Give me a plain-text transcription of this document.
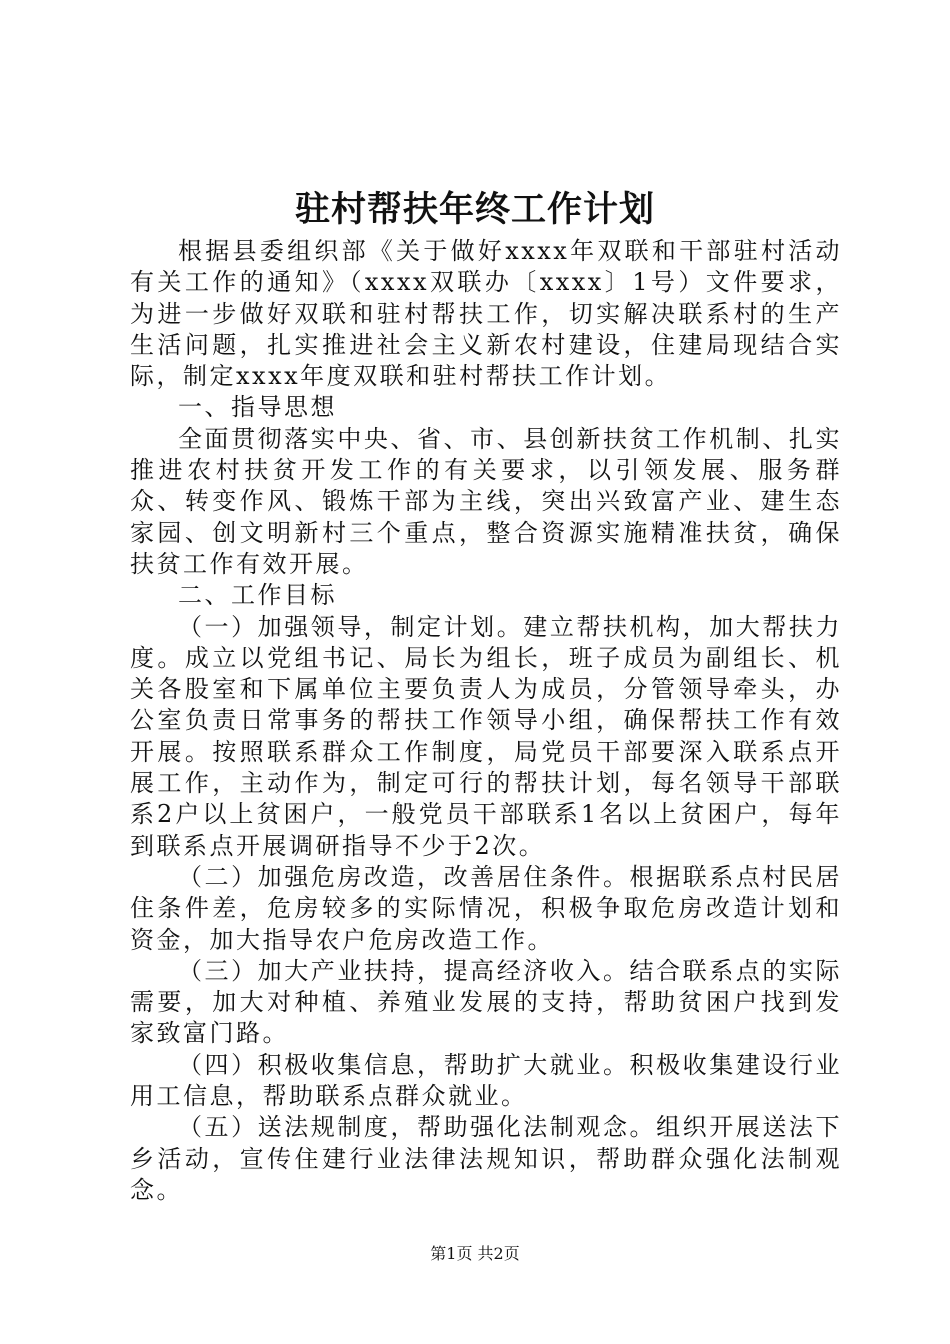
驻村帮扶年终工作计划

根据县委组织部《关于做好xxxx年双联和干部驻村活动有关工作的通知》（xxxx双联办〔xxxx〕1号）文件要求，为进一步做好双联和驻村帮扶工作，切实解决联系村的生产生活问题，扎实推进社会主义新农村建设，住建局现结合实际，制定xxxx年度双联和驻村帮扶工作计划。

一、指导思想

全面贯彻落实中央、省、市、县创新扶贫工作机制、扎实推进农村扶贫开发工作的有关要求，以引领发展、服务群众、转变作风、锻炼干部为主线，突出兴致富产业、建生态家园、创文明新村三个重点，整合资源实施精准扶贫，确保扶贫工作有效开展。

二、工作目标

（一）加强领导，制定计划。建立帮扶机构，加大帮扶力度。成立以党组书记、局长为组长，班子成员为副组长、机关各股室和下属单位主要负责人为成员，分管领导牵头，办公室负责日常事务的帮扶工作领导小组，确保帮扶工作有效开展。按照联系群众工作制度，局党员干部要深入联系点开展工作，主动作为，制定可行的帮扶计划，每名领导干部联系2户以上贫困户，一般党员干部联系1名以上贫困户，每年到联系点开展调研指导不少于2次。

（二）加强危房改造，改善居住条件。根据联系点村民居住条件差，危房较多的实际情况，积极争取危房改造计划和资金，加大指导农户危房改造工作。

（三）加大产业扶持，提高经济收入。结合联系点的实际需要，加大对种植、养殖业发展的支持，帮助贫困户找到发家致富门路。

（四）积极收集信息，帮助扩大就业。积极收集建设行业用工信息，帮助联系点群众就业。

（五）送法规制度，帮助强化法制观念。组织开展送法下乡活动，宣传住建行业法律法规知识，帮助群众强化法制观念。

第1页 共2页
